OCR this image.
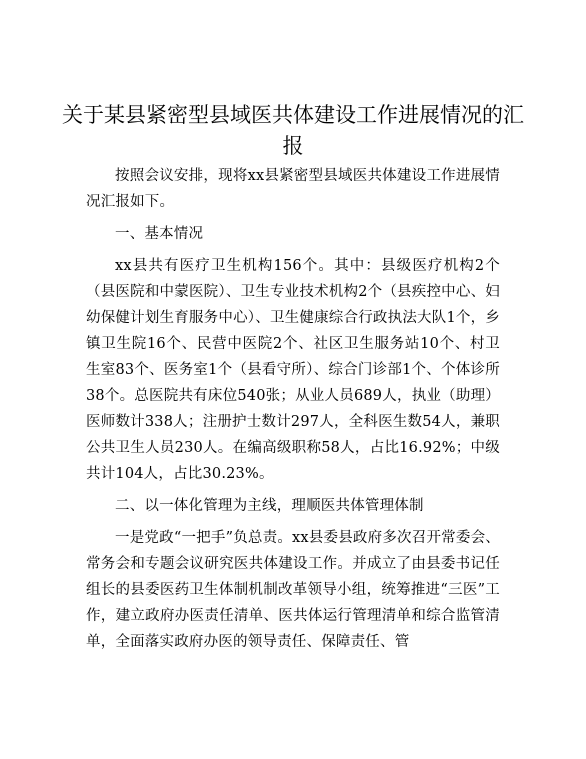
关于某县紧密型县域医共体建设工作进展情况的汇报

按照会议安排，现将xx县紧密型县域医共体建设工作进展情况汇报如下。

一、基本情况

xx县共有医疗卫生机构156个。其中：县级医疗机构2个（县医院和中蒙医院）、卫生专业技术机构2个（县疾控中心、妇幼保健计划生育服务中心）、卫生健康综合行政执法大队1个，乡镇卫生院16个、民营中医院2个、社区卫生服务站10个、村卫生室83个、医务室1个（县看守所）、综合门诊部1个、个体诊所38个。总医院共有床位540张；从业人员689人，执业（助理）医师数计338人；注册护士数计297人，全科医生数54人，兼职公共卫生人员230人。在编高级职称58人，占比16.92%；中级共计104人，占比30.23%。

二、以一体化管理为主线，理顺医共体管理体制

一是党政“一把手”负总责。xx县委县政府多次召开常委会、常务会和专题会议研究医共体建设工作。并成立了由县委书记任组长的县委医药卫生体制机制改革领导小组，统筹推进“三医”工作，建立政府办医责任清单、医共体运行管理清单和综合监管清单，全面落实政府办医的领导责任、保障责任、管
